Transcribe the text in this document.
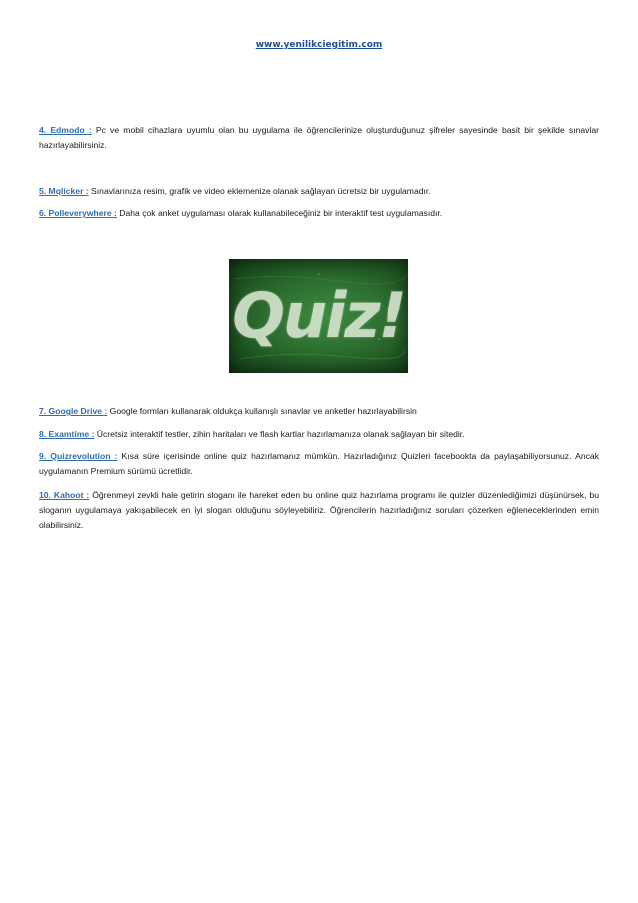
www.yenilikciegitim.com

4. Edmodo : Pc ve mobil cihazlara uyumlu olan bu uygulama ile öğrencilerinize oluşturduğunuz şifreler sayesinde basit bir şekilde sınavlar hazırlayabilirsiniz.

5. Mqlicker : Sınavlarınıza resim, grafik ve video eklemenize olanak sağlayan ücretsiz bir uygulamadır.

6. Polleverywhere : Daha çok anket uygulaması olarak kullanabileceğiniz bir interaktif test uygulamasıdır.

Quiz!

7. Google Drive : Google formları kullanarak oldukça kullanışlı sınavlar ve anketler hazırlayabilirsin

8. Examtime : Ücretsiz interaktif testler, zihin haritaları ve flash kartlar hazırlamanıza olanak sağlayan bir sitedir.

9. Quizrevolution : Kısa süre içerisinde online quiz hazırlamanız mümkün. Hazırladığınız Quizleri facebookta da paylaşabiliyorsunuz. Ancak uygulamanın Premium sürümü ücretlidir.

10. Kahoot : Öğrenmeyi zevkli hale getirin sloganı ile hareket eden bu online quiz hazırlama programı ile quizler düzenlediğimizi düşünürsek, bu sloganın uygulamaya yakışabilecek en iyi slogan olduğunu söyleyebiliriz. Öğrencilerin hazırladığınız soruları çözerken eğleneceklerinden emin olabilirsiniz.
